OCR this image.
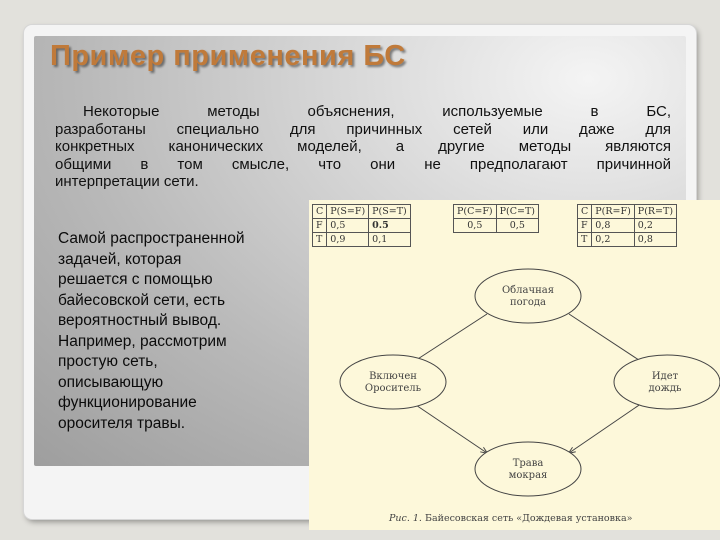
Пример применения БС
Некоторые методы объяснения, используемые в БС,
разработаны специально для причинных сетей или даже для
конкретных канонических моделей, а другие методы являются
общими в том смысле, что они не предполагают причинной
интерпретации сети.
Самой распространенной
задачей, которая
решается с помощью
байесовской сети, есть
вероятностный вывод.
Например, рассмотрим
простую сеть,
описывающую
функционирование
оросителя травы.
C	P(S=F)	P(S=T)
F	0,5	0.5
T	0,9	0,1
P(C=F)	P(C=T)
0,5	0,5
C	P(R=F)	P(R=T)
F	0,8	0,2
T	0,2	0,8
Облачная
погода
Включен
Ороситель
Идет
дождь
Трава
мокрая
Рис. 1. Байесовская сеть «Дождевая установка»
